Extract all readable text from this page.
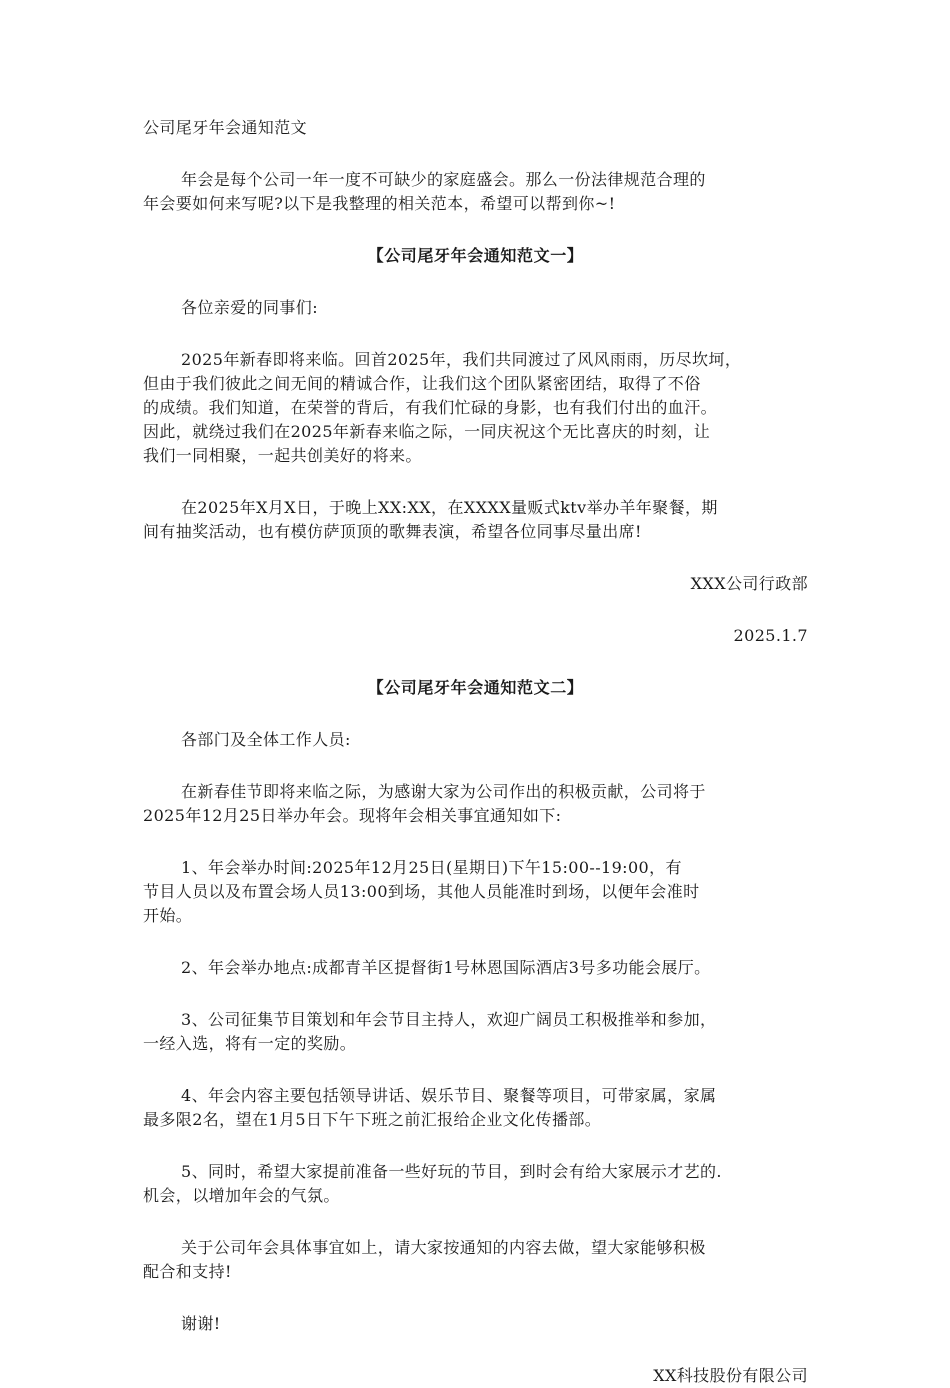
公司尾牙年会通知范文

年会是每个公司一年一度不可缺少的家庭盛会。那么一份法律规范合理的

年会要如何来写呢?以下是我整理的相关范本，希望可以帮到你~!

【公司尾牙年会通知范文一】

各位亲爱的同事们:

2025年新春即将来临。回首2025年，我们共同渡过了风风雨雨，历尽坎坷，

但由于我们彼此之间无间的精诚合作，让我们这个团队紧密团结，取得了不俗

的成绩。我们知道，在荣誉的背后，有我们忙碌的身影，也有我们付出的血汗。

因此，就绕过我们在2025年新春来临之际，一同庆祝这个无比喜庆的时刻，让

我们一同相聚，一起共创美好的将来。

在2025年X月X日，于晚上XX:XX，在XXXX量贩式ktv举办羊年聚餐，期

间有抽奖活动，也有模仿萨顶顶的歌舞表演，希望各位同事尽量出席!

XXX公司行政部

2025.1.7

【公司尾牙年会通知范文二】

各部门及全体工作人员:

在新春佳节即将来临之际，为感谢大家为公司作出的积极贡献，公司将于

2025年12月25日举办年会。现将年会相关事宜通知如下:

1、年会举办时间:2025年12月25日(星期日)下午15:00--19:00，有

节目人员以及布置会场人员13:00到场，其他人员能准时到场，以便年会准时

开始。

2、年会举办地点:成都青羊区提督街1号林恩国际酒店3号多功能会展厅。

3、公司征集节目策划和年会节目主持人，欢迎广阔员工积极推举和参加，

一经入选，将有一定的奖励。

4、年会内容主要包括领导讲话、娱乐节目、聚餐等项目，可带家属，家属

最多限2名，望在1月5日下午下班之前汇报给企业文化传播部。

5、同时，希望大家提前准备一些好玩的节目，到时会有给大家展示才艺的.

机会，以增加年会的气氛。

关于公司年会具体事宜如上，请大家按通知的内容去做，望大家能够积极

配合和支持!

谢谢!

XX科技股份有限公司
